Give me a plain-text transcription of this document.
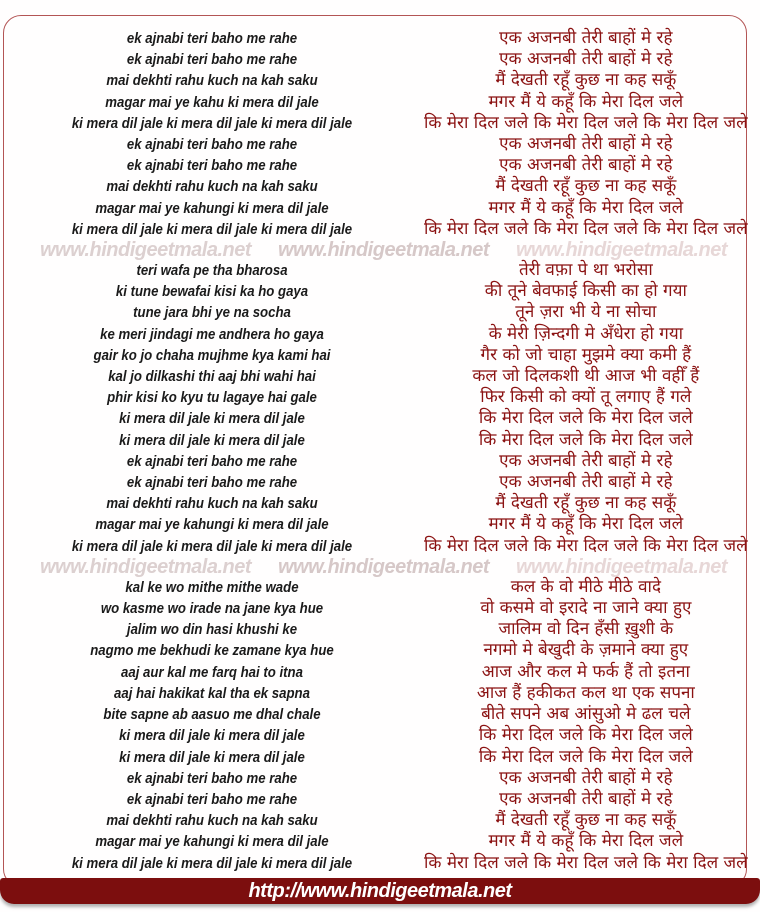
ek ajnabi teri baho me rahe
ek ajnabi teri baho me rahe
mai dekhti rahu kuch na kah saku
magar mai ye kahu ki mera dil jale
ki mera dil jale ki mera dil jale ki mera dil jale
ek ajnabi teri baho me rahe
ek ajnabi teri baho me rahe
mai dekhti rahu kuch na kah saku
magar mai ye kahungi ki mera dil jale
ki mera dil jale ki mera dil jale ki mera dil jale
एक अजनबी तेरी बाहों मे रहे
एक अजनबी तेरी बाहों मे रहे
मैं देखती रहूँ कुछ ना कह सकूँ
मगर मैं ये कहूँ कि मेरा दिल जले
कि मेरा दिल जले कि मेरा दिल जले कि मेरा दिल जले
एक अजनबी तेरी बाहों मे रहे
एक अजनबी तेरी बाहों मे रहे
मैं देखती रहूँ कुछ ना कह सकूँ
मगर मैं ये कहूँ कि मेरा दिल जले
कि मेरा दिल जले कि मेरा दिल जले कि मेरा दिल जले
www.hindigeetmala.net www.hindigeetmala.net www.hindigeetmala.net
teri wafa pe tha bharosa
ki tune bewafai kisi ka ho gaya
tune jara bhi ye na socha
ke meri jindagi me andhera ho gaya
gair ko jo chaha mujhme kya kami hai
kal jo dilkashi thi aaj bhi wahi hai
phir kisi ko kyu tu lagaye hai gale
ki mera dil jale ki mera dil jale
ki mera dil jale ki mera dil jale
ek ajnabi teri baho me rahe
ek ajnabi teri baho me rahe
mai dekhti rahu kuch na kah saku
magar mai ye kahungi ki mera dil jale
ki mera dil jale ki mera dil jale ki mera dil jale
तेरी वफ़ा पे था भरोसा
की तूने बेवफाई किसी का हो गया
तूने ज़रा भी ये ना सोचा
के मेरी ज़िन्दगी मे अँधेरा हो गया
गैर को जो चाहा मुझमे क्या कमी हैं
कल जो दिलकशी थी आज भी वहीँ हैं
फिर किसी को क्यों तू लगाए हैं गले
कि मेरा दिल जले कि मेरा दिल जले
कि मेरा दिल जले कि मेरा दिल जले
एक अजनबी तेरी बाहों मे रहे
एक अजनबी तेरी बाहों मे रहे
मैं देखती रहूँ कुछ ना कह सकूँ
मगर मैं ये कहूँ कि मेरा दिल जले
कि मेरा दिल जले कि मेरा दिल जले कि मेरा दिल जले
www.hindigeetmala.net www.hindigeetmala.net www.hindigeetmala.net
kal ke wo mithe mithe wade
wo kasme wo irade na jane kya hue
jalim wo din hasi khushi ke
nagmo me bekhudi ke zamane kya hue
aaj aur kal me farq hai to itna
aaj hai hakikat kal tha ek sapna
bite sapne ab aasuo me dhal chale
ki mera dil jale ki mera dil jale
ki mera dil jale ki mera dil jale
ek ajnabi teri baho me rahe
ek ajnabi teri baho me rahe
mai dekhti rahu kuch na kah saku
magar mai ye kahungi ki mera dil jale
ki mera dil jale ki mera dil jale ki mera dil jale
कल के वो मीठे मीठे वादे
वो कसमे वो इरादे ना जाने क्या हुए
जालिम वो दिन हँसी ख़ुशी के
नगमो मे बेखुदी के ज़माने क्या हुए
आज और कल मे फर्क हैं तो इतना
आज हैं हकीकत कल था एक सपना
बीते सपने अब आंसुओ मे ढल चले
कि मेरा दिल जले कि मेरा दिल जले
कि मेरा दिल जले कि मेरा दिल जले
एक अजनबी तेरी बाहों मे रहे
एक अजनबी तेरी बाहों मे रहे
मैं देखती रहूँ कुछ ना कह सकूँ
मगर मैं ये कहूँ कि मेरा दिल जले
कि मेरा दिल जले कि मेरा दिल जले कि मेरा दिल जले
http://www.hindigeetmala.net
